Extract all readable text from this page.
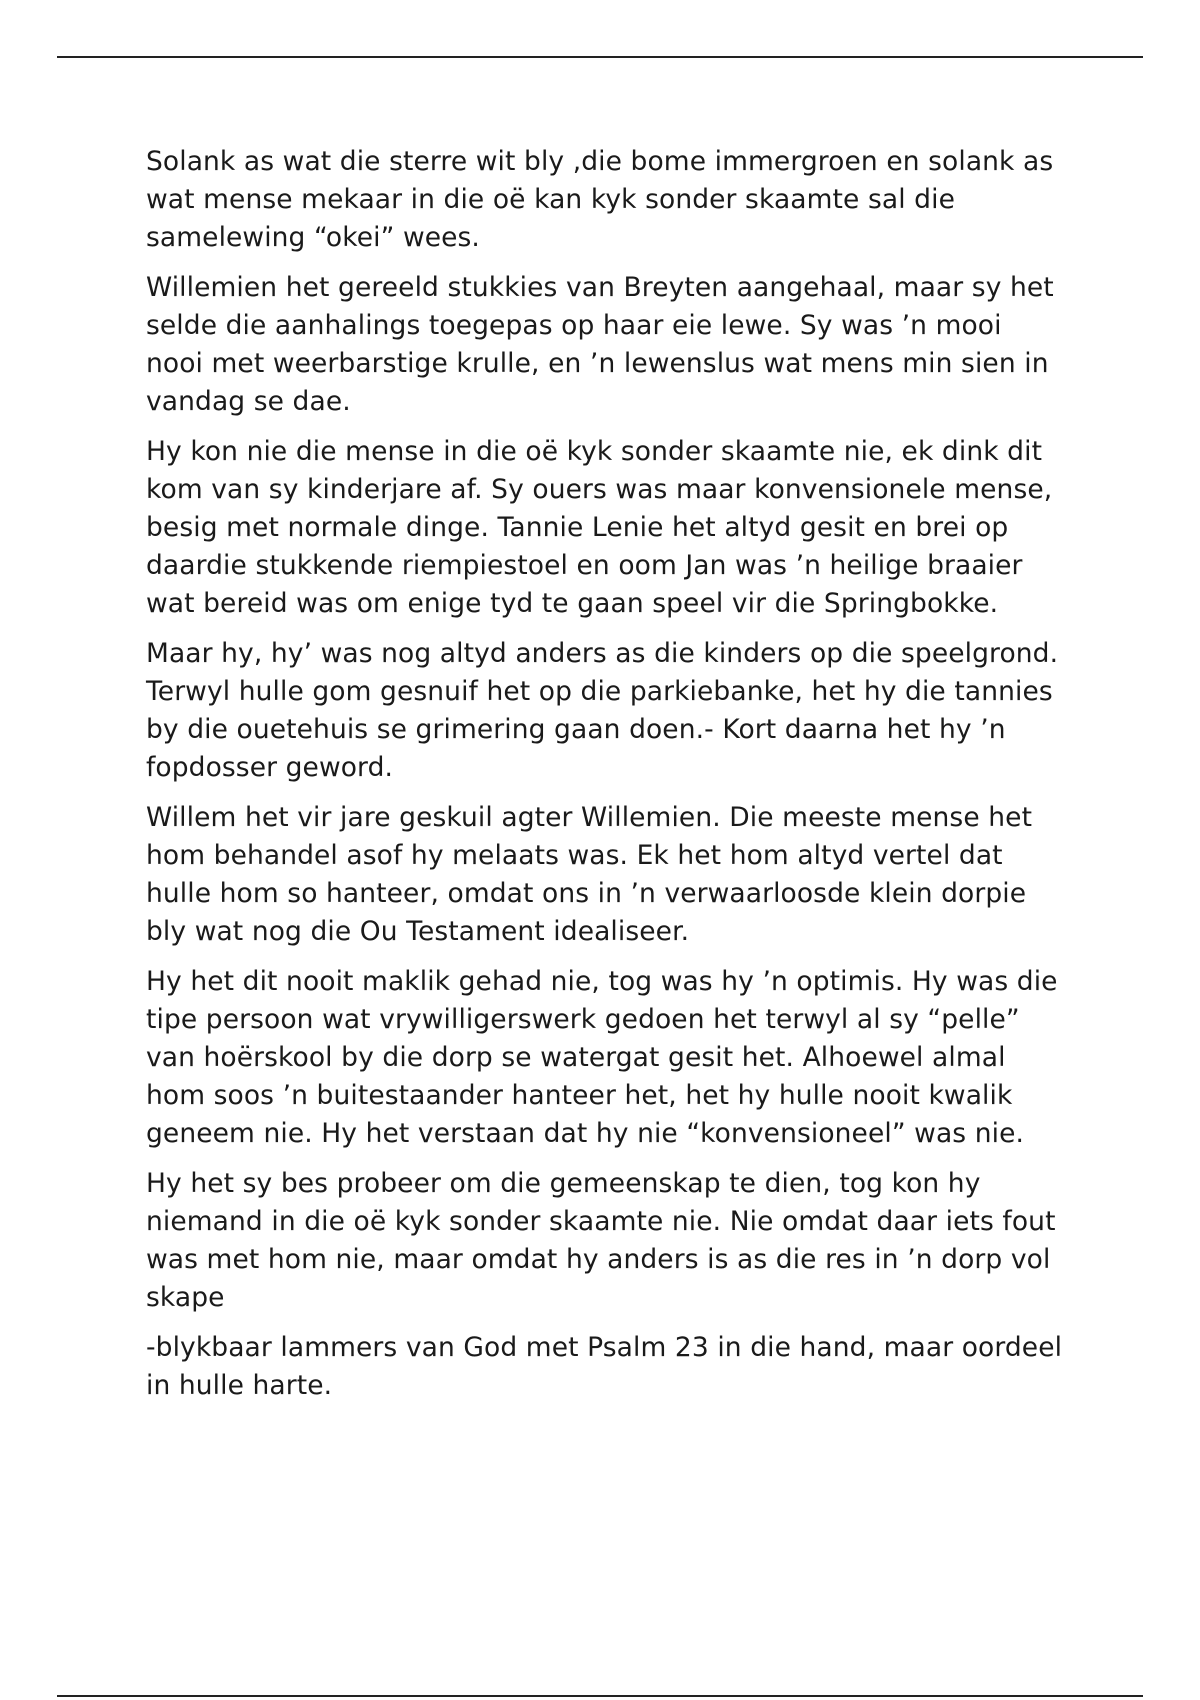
Solank as wat die sterre wit bly ,die bome immergroen en solank as wat mense mekaar in die oë kan kyk sonder skaamte sal die samelewing “okei” wees.

Willemien het gereeld stukkies van Breyten aangehaal, maar sy het selde die aanhalings toegepas op haar eie lewe. Sy was ’n mooi nooi met weerbarstige krulle, en ’n lewenslus wat mens min sien in vandag se dae.

Hy kon nie die mense in die oë kyk sonder skaamte nie, ek dink dit kom van sy kinderjare af. Sy ouers was maar konvensionele mense, besig met normale dinge. Tannie Lenie het altyd gesit en brei op daardie stukkende riempiestoel en oom Jan was ’n heilige braaier wat bereid was om enige tyd te gaan speel vir die Springbokke.

Maar hy, hy’ was nog altyd anders as die kinders op die speelgrond. Terwyl hulle gom gesnuif het op die parkiebanke, het hy die tannies by die ouetehuis se grimering gaan doen.- Kort daarna het hy ’n fopdosser geword.

Willem het vir jare geskuil agter Willemien. Die meeste mense het hom behandel asof hy melaats was. Ek het hom altyd vertel dat hulle hom so hanteer, omdat ons in ’n verwaarloosde klein dorpie bly wat nog die Ou Testament idealiseer.

Hy het dit nooit maklik gehad nie, tog was hy ’n optimis. Hy was die tipe persoon wat vrywilligerswerk gedoen het terwyl al sy “pelle” van hoërskool by die dorp se watergat gesit het. Alhoewel almal hom soos ’n buitestaander hanteer het, het hy hulle nooit kwalik geneem nie. Hy het verstaan dat hy nie “konvensioneel” was nie.

Hy het sy bes probeer om die gemeenskap te dien, tog kon hy niemand in die oë kyk sonder skaamte nie. Nie omdat daar iets fout was met hom nie, maar omdat hy anders is as die res in ’n dorp vol skape

-blykbaar lammers van God met Psalm 23 in die hand, maar oordeel in hulle harte.
